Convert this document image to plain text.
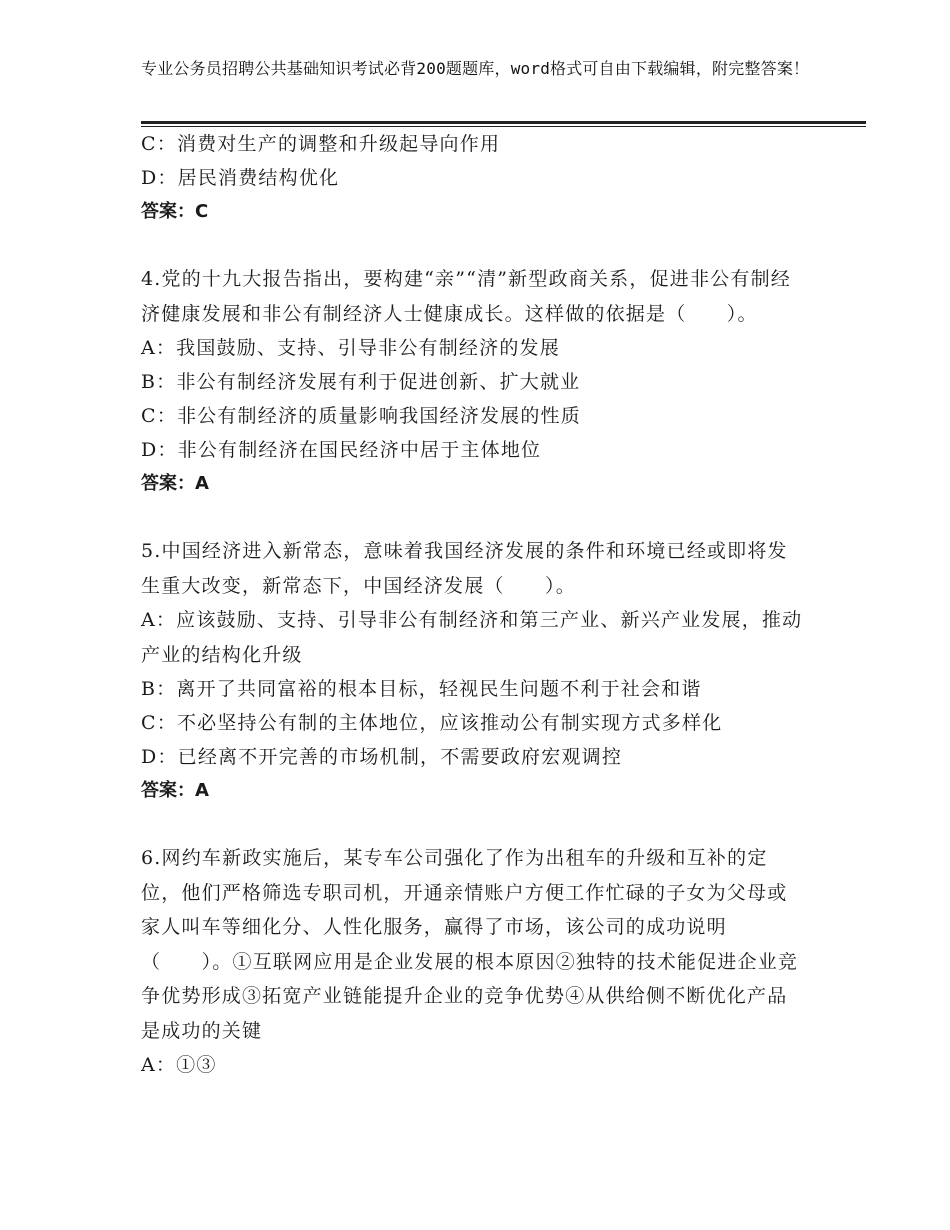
专业公务员招聘公共基础知识考试必背200题题库，word格式可自由下载编辑，附完整答案！
C：消费对生产的调整和升级起导向作用
D：居民消费结构优化
答案：C
4.党的十九大报告指出，要构建“亲”“清”新型政商关系，促进非公有制经济健康发展和非公有制经济人士健康成长。这样做的依据是（　　）。
A：我国鼓励、支持、引导非公有制经济的发展
B：非公有制经济发展有利于促进创新、扩大就业
C：非公有制经济的质量影响我国经济发展的性质
D：非公有制经济在国民经济中居于主体地位
答案：A
5.中国经济进入新常态，意味着我国经济发展的条件和环境已经或即将发生重大改变，新常态下，中国经济发展（　　）。
A：应该鼓励、支持、引导非公有制经济和第三产业、新兴产业发展，推动产业的结构化升级
B：离开了共同富裕的根本目标，轻视民生问题不利于社会和谐
C：不必坚持公有制的主体地位，应该推动公有制实现方式多样化
D：已经离不开完善的市场机制，不需要政府宏观调控
答案：A
6.网约车新政实施后，某专车公司强化了作为出租车的升级和互补的定位，他们严格筛选专职司机，开通亲情账户方便工作忙碌的子女为父母或家人叫车等细化分、人性化服务，赢得了市场，该公司的成功说明（　　）。①互联网应用是企业发展的根本原因②独特的技术能促进企业竞争优势形成③拓宽产业链能提升企业的竞争优势④从供给侧不断优化产品是成功的关键
A：①③
